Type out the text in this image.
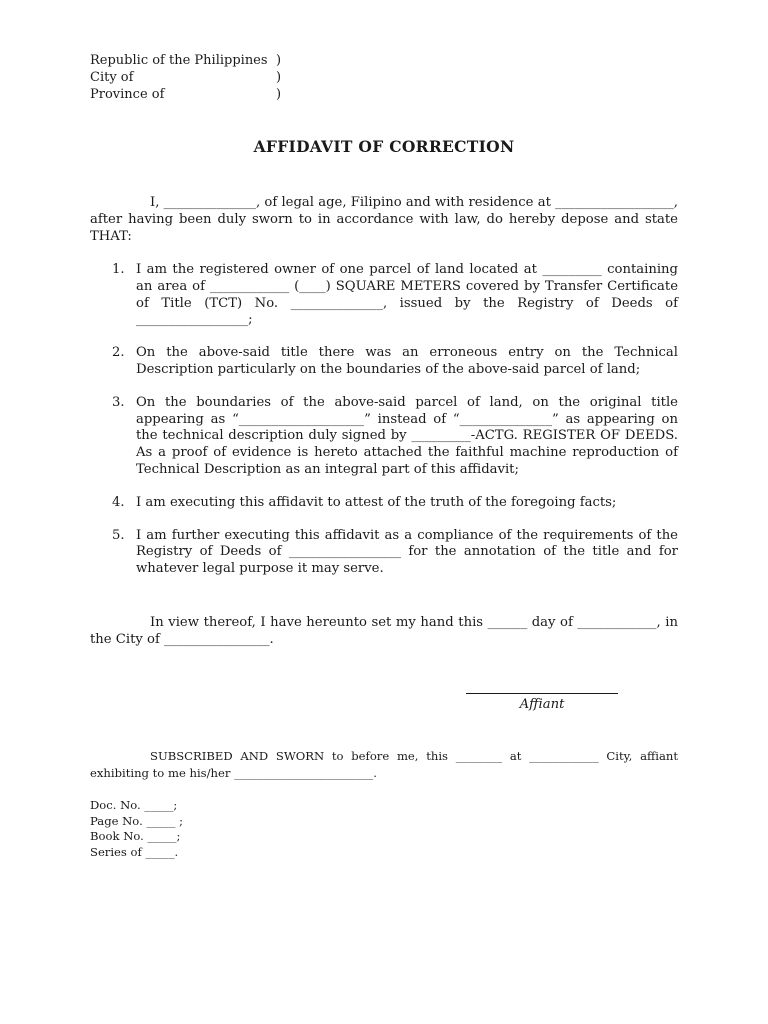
Republic of the Philippines )
City of	)
Province of	)
AFFIDAVIT OF CORRECTION

I, ______________, of legal age, Filipino and with residence at __________________, after having been duly sworn to in accordance with law, do hereby depose and state THAT:

1. I am the registered owner of one parcel of land located at _________ containing an area of ____________ (____) SQUARE METERS covered by Transfer Certificate of Title (TCT) No. ______________, issued by the Registry of Deeds of _________________;
2. On the above-said title there was an erroneous entry on the Technical Description particularly on the boundaries of the above-said parcel of land;
3. On the boundaries of the above-said parcel of land, on the original title appearing as “___________________” instead of “______________” as appearing on the technical description duly signed by _________-ACTG. REGISTER OF DEEDS. As a proof of evidence is hereto attached the faithful machine reproduction of Technical Description as an integral part of this affidavit;
4. I am executing this affidavit to attest of the truth of the foregoing facts;
5. I am further executing this affidavit as a compliance of the requirements of the Registry of Deeds of _________________ for the annotation of the title and for whatever legal purpose it may serve.

In view thereof, I have hereunto set my hand this ______ day of ____________, in the City of ________________.

Affiant

SUBSCRIBED AND SWORN to before me, this ________ at ____________ City, affiant exhibiting to me his/her ________________________.

Doc. No. _____;
Page No. _____ ;
Book No. _____;
Series of _____.
